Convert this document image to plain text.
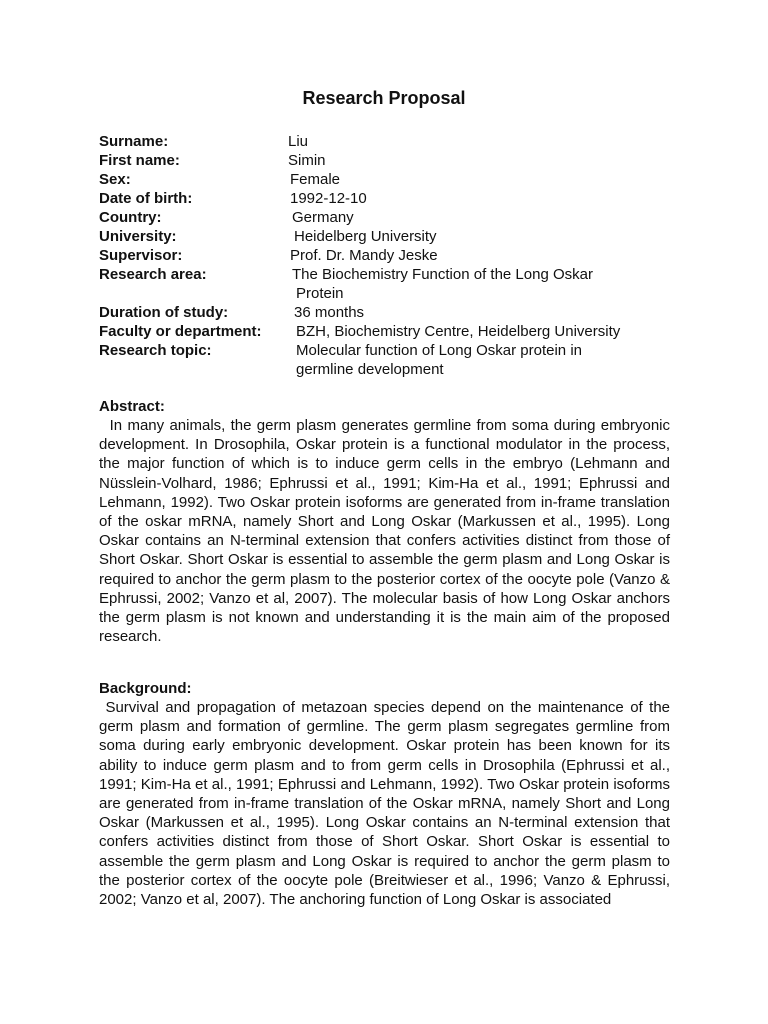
Research Proposal
Surname:	Liu
First name:	Simin
Sex:	Female
Date of birth:	1992-12-10
Country:	Germany
University:	Heidelberg University
Supervisor:	Prof. Dr. Mandy Jeske
Research area:	The Biochemistry Function of the Long Oskar
Protein
Duration of study:	36 months
Faculty or department:	BZH, Biochemistry Centre, Heidelberg University
Research topic:	Molecular function of Long Oskar protein in
germline development
Abstract:
In many animals, the germ plasm generates germline from soma during embryonic development. In Drosophila, Oskar protein is a functional modulator in the process, the major function of which is to induce germ cells in the embryo (Lehmann and Nüsslein-Volhard, 1986; Ephrussi et al., 1991; Kim-Ha et al., 1991; Ephrussi and Lehmann, 1992). Two Oskar protein isoforms are generated from in-frame translation of the oskar mRNA, namely Short and Long Oskar (Markussen et al., 1995). Long Oskar contains an N-terminal extension that confers activities distinct from those of Short Oskar. Short Oskar is essential to assemble the germ plasm and Long Oskar is required to anchor the germ plasm to the posterior cortex of the oocyte pole (Vanzo & Ephrussi, 2002; Vanzo et al, 2007). The molecular basis of how Long Oskar anchors the germ plasm is not known and understanding it is the main aim of the proposed research.
Background:
Survival and propagation of metazoan species depend on the maintenance of the germ plasm and formation of germline. The germ plasm segregates germline from soma during early embryonic development. Oskar protein has been known for its ability to induce germ plasm and to from germ cells in Drosophila (Ephrussi et al., 1991; Kim-Ha et al., 1991; Ephrussi and Lehmann, 1992). Two Oskar protein isoforms are generated from in-frame translation of the Oskar mRNA, namely Short and Long Oskar (Markussen et al., 1995). Long Oskar contains an N-terminal extension that confers activities distinct from those of Short Oskar. Short Oskar is essential to assemble the germ plasm and Long Oskar is required to anchor the germ plasm to the posterior cortex of the oocyte pole (Breitwieser et al., 1996; Vanzo & Ephrussi, 2002; Vanzo et al, 2007). The anchoring function of Long Oskar is associated
